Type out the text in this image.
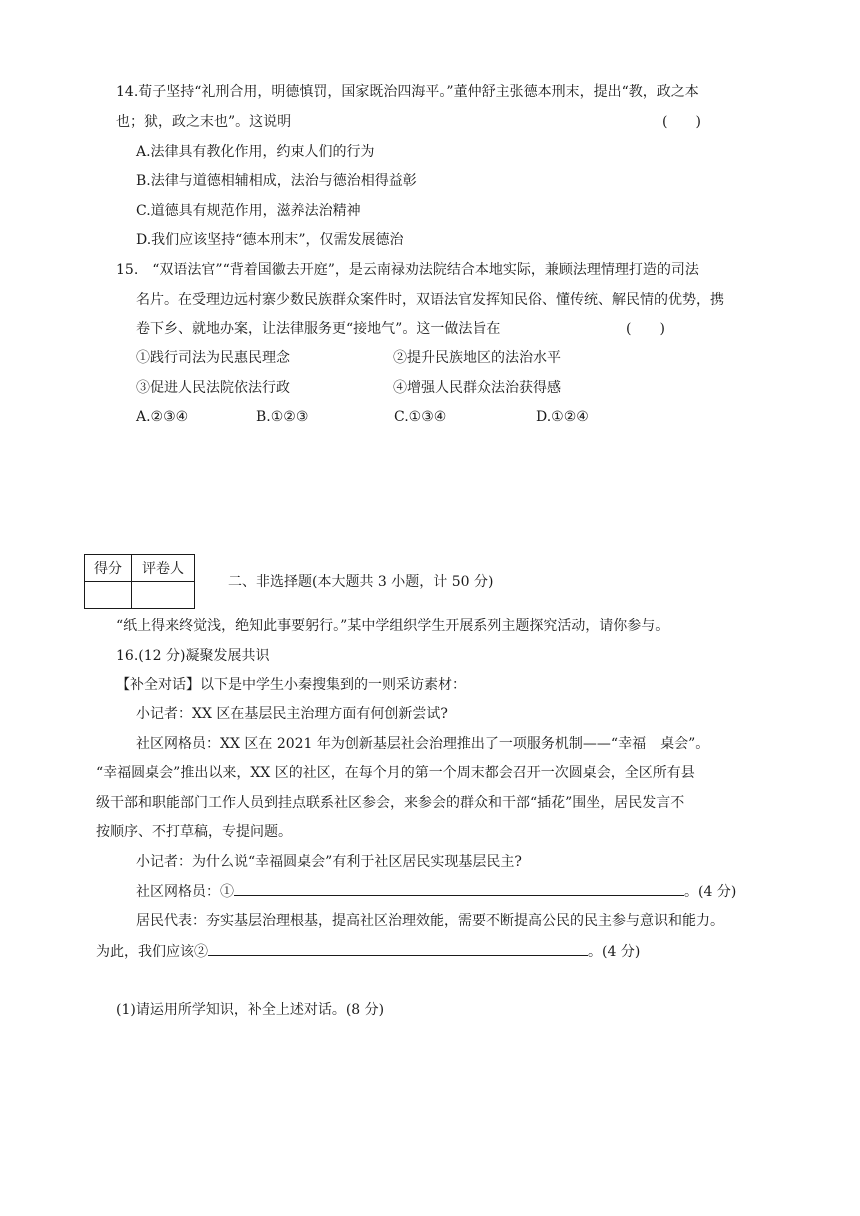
14.荀子坚持“礼刑合用，明德慎罚，国家既治四海平。”董仲舒主张德本刑末，提出“教，政之本
也；狱，政之末也”。这说明	(　　)
A.法律具有教化作用，约束人们的行为
B.法律与道德相辅相成，法治与德治相得益彰
C.道德具有规范作用，滋养法治精神
D.我们应该坚持“德本刑末”，仅需发展德治
15.　“双语法官”“背着国徽去开庭”，是云南禄劝法院结合本地实际，兼顾法理情理打造的司法
名片。在受理边远村寨少数民族群众案件时，双语法官发挥知民俗、懂传统、解民情的优势，携
卷下乡、就地办案，让法律服务更“接地气”。这一做法旨在	(　　)
①践行司法为民惠民理念	②提升民族地区的法治水平
③促进人民法院依法行政	④增强人民群众法治获得感
A.②③④	B.①②③	C.①③④	D.①②④
得分	评卷人

二、非选择题(本大题共 3 小题，计 50 分)
“纸上得来终觉浅，绝知此事要躬行。”某中学组织学生开展系列主题探究活动，请你参与。
16.(12 分)凝聚发展共识
【补全对话】以下是中学生小秦搜集到的一则采访素材：
小记者：XX 区在基层民主治理方面有何创新尝试?
社区网格员：XX 区在 2021 年为创新基层社会治理推出了一项服务机制——“幸福　桌会”。
“幸福圆桌会”推出以来，XX 区的社区，在每个月的第一个周末都会召开一次圆桌会，全区所有县
级干部和职能部门工作人员到挂点联系社区参会，来参会的群众和干部“插花”围坐，居民发言不
按顺序、不打草稿，专提问题。
小记者：为什么说“幸福圆桌会”有利于社区居民实现基层民主?
社区网格员：①	。(4 分)
居民代表：夯实基层治理根基，提高社区治理效能，需要不断提高公民的民主参与意识和能力。
为此，我们应该②	。(4 分)
(1)请运用所学知识，补全上述对话。(8 分)
